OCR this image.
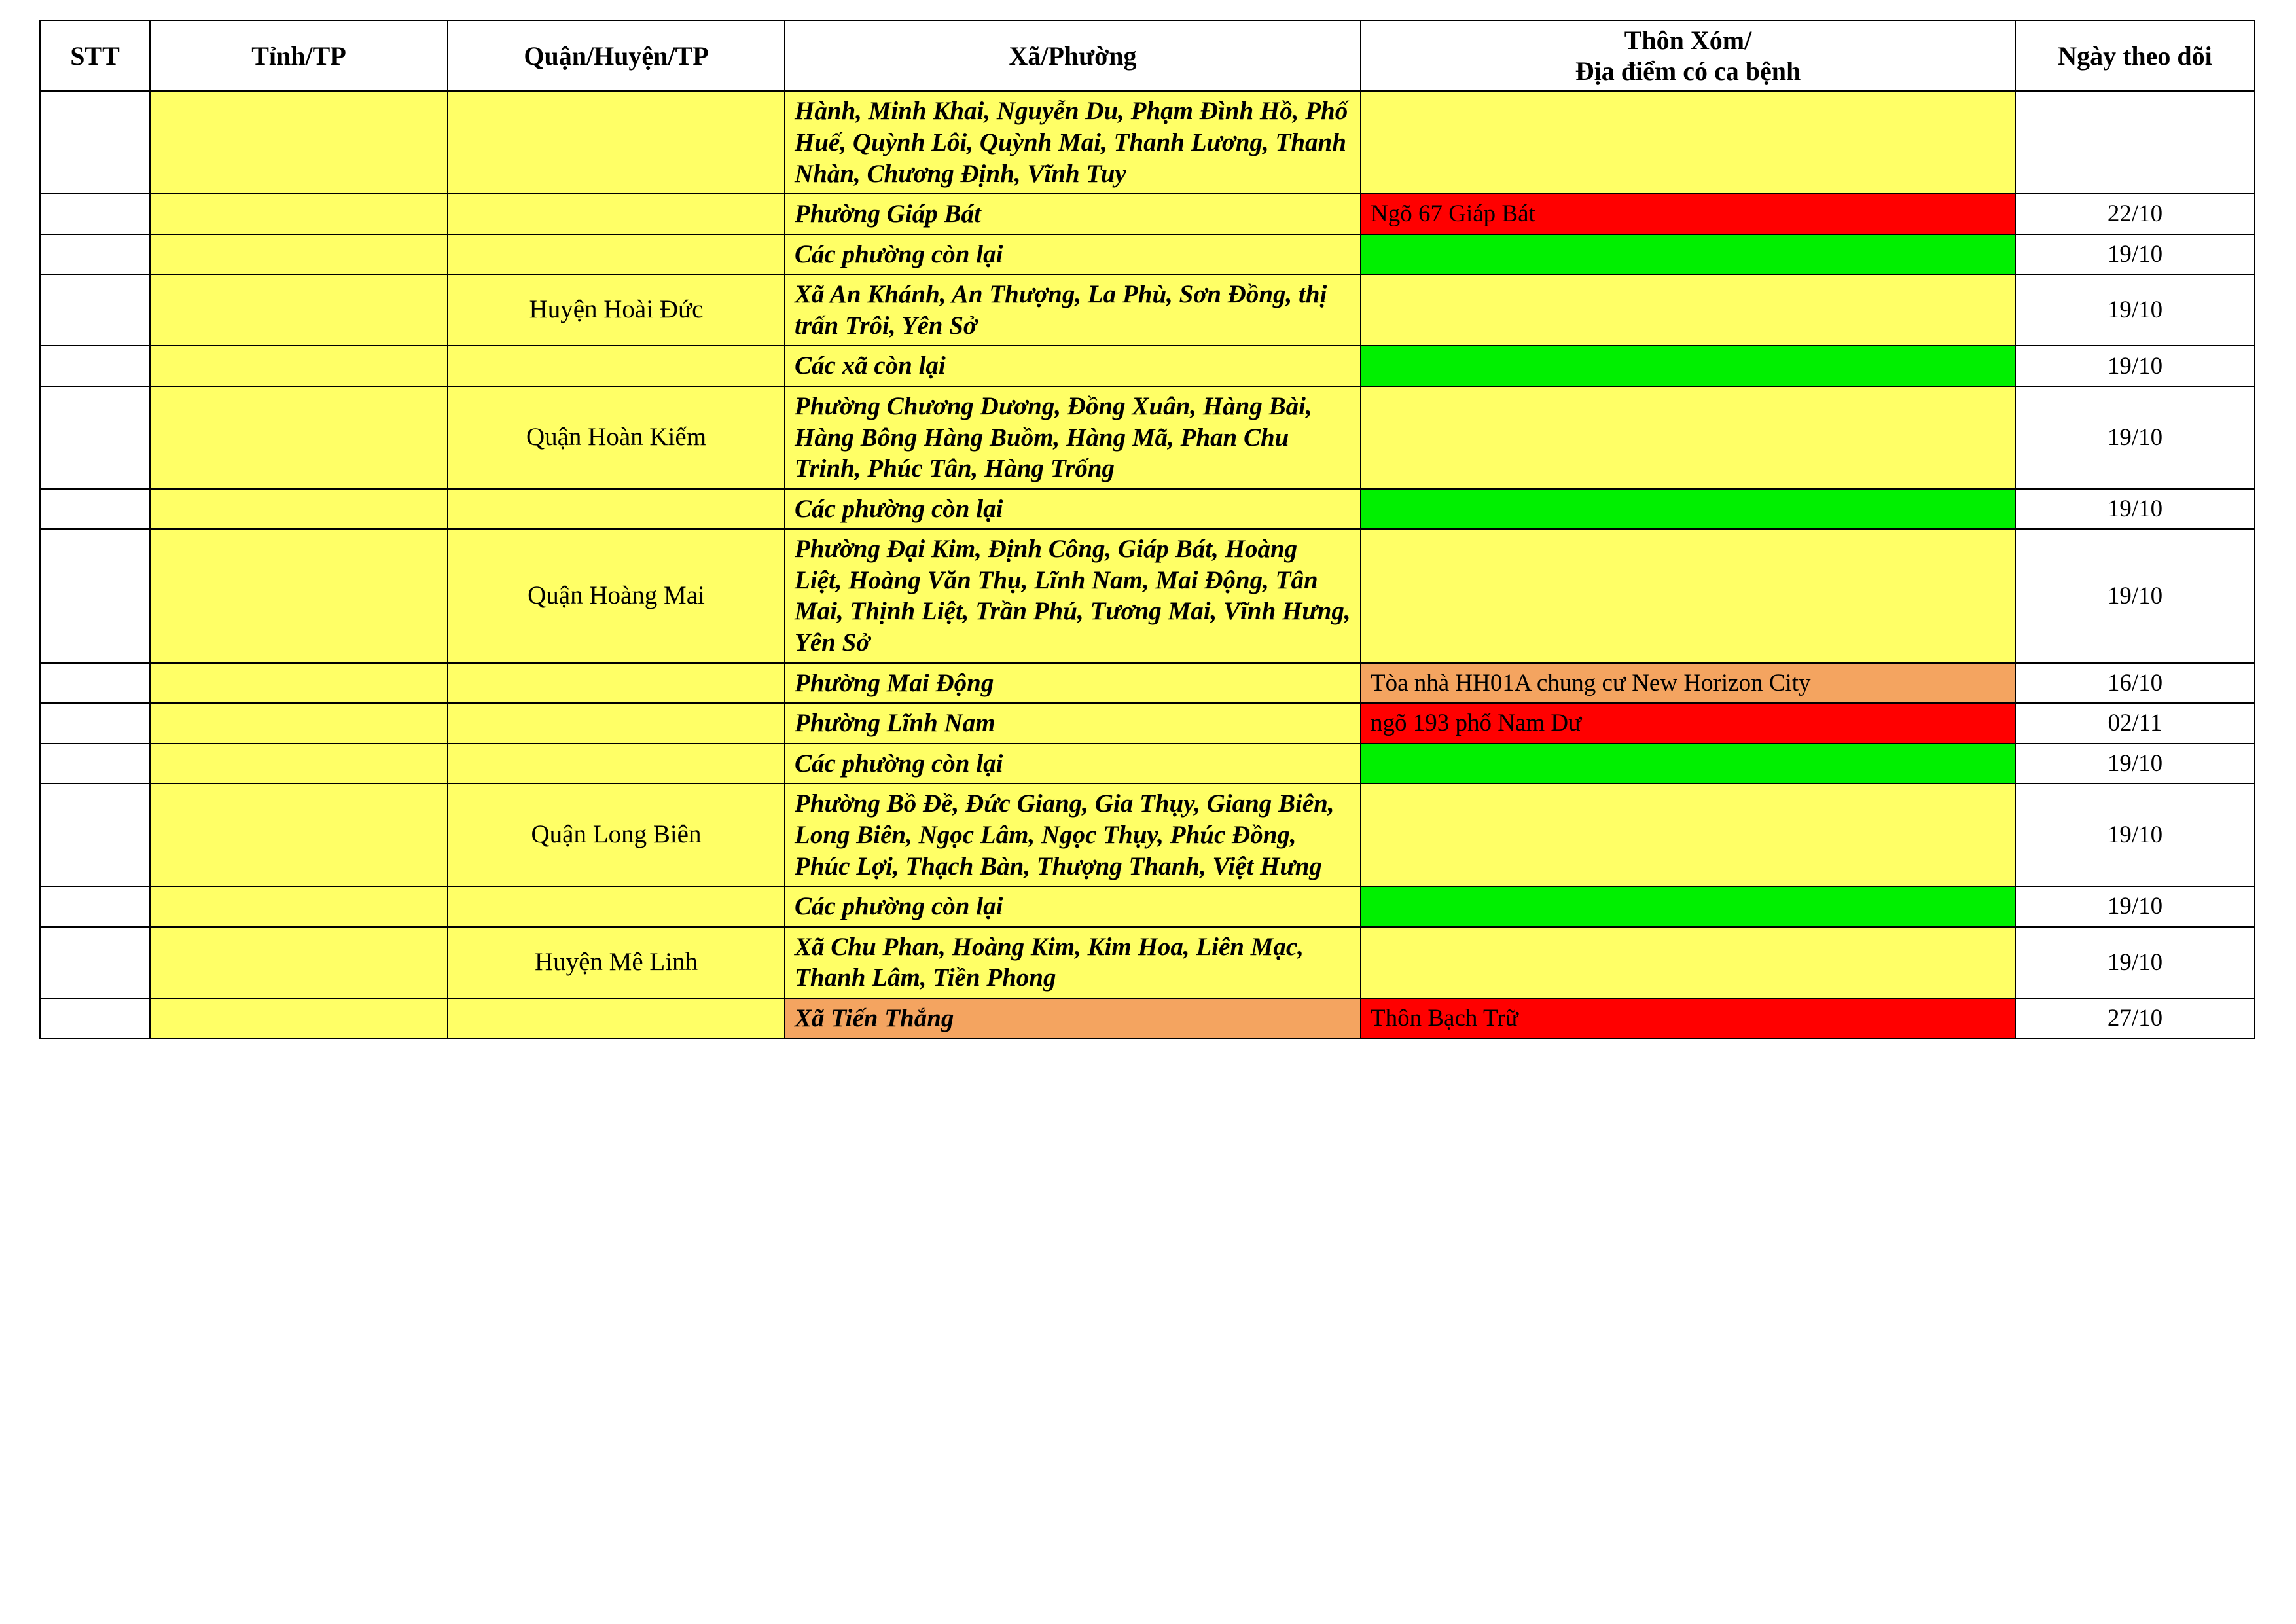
STT	Tỉnh/TP	Quận/Huyện/TP	Xã/Phường	Thôn Xóm/
Địa điểm có ca bệnh	Ngày theo dõi
			Hành, Minh Khai, Nguyễn Du, Phạm Đình Hồ, Phố Huế, Quỳnh Lôi, Quỳnh Mai, Thanh Lương, Thanh Nhàn, Chương Định, Vĩnh Tuy		
			Phường Giáp Bát	Ngõ 67 Giáp Bát	22/10
			Các phường còn lại		19/10
		Huyện Hoài Đức	Xã An Khánh, An Thượng, La Phù, Sơn Đồng, thị trấn Trôi, Yên Sở		19/10
			Các xã còn lại		19/10
		Quận Hoàn Kiếm	Phường Chương Dương, Đồng Xuân, Hàng Bài, Hàng Bông Hàng Buồm, Hàng Mã, Phan Chu Trinh, Phúc Tân, Hàng Trống		19/10
			Các phường còn lại		19/10
		Quận Hoàng Mai	Phường Đại Kim, Định Công, Giáp Bát, Hoàng Liệt, Hoàng Văn Thụ, Lĩnh Nam, Mai Động, Tân Mai, Thịnh Liệt, Trần Phú, Tương Mai, Vĩnh Hưng, Yên Sở		19/10
			Phường Mai Động	Tòa nhà HH01A chung cư New Horizon City	16/10
			Phường Lĩnh Nam	ngõ 193 phố Nam Dư	02/11
			Các phường còn lại		19/10
		Quận Long Biên	Phường Bồ Đề, Đức Giang, Gia Thụy, Giang Biên, Long Biên, Ngọc Lâm, Ngọc Thụy, Phúc Đồng, Phúc Lợi, Thạch Bàn, Thượng Thanh, Việt Hưng		19/10
			Các phường còn lại		19/10
		Huyện Mê Linh	Xã Chu Phan, Hoàng Kim, Kim Hoa, Liên Mạc, Thanh Lâm, Tiền Phong		19/10
			Xã Tiến Thắng	Thôn Bạch Trữ	27/10
